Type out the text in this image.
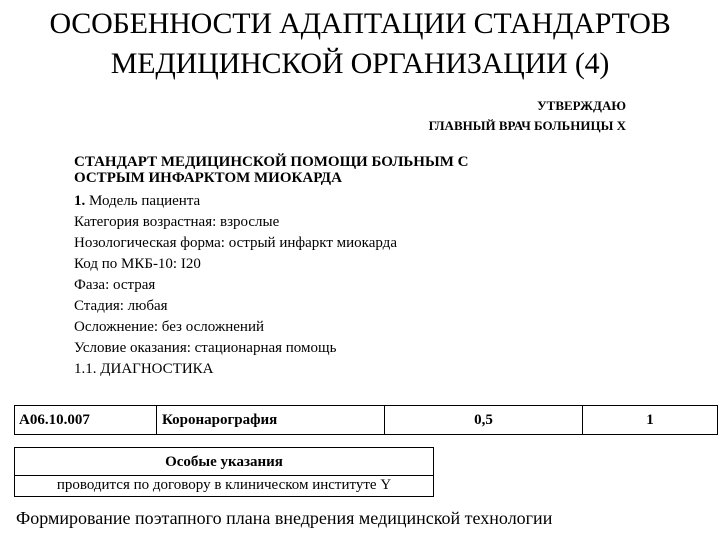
ОСОБЕННОСТИ АДАПТАЦИИ СТАНДАРТОВ
МЕДИЦИНСКОЙ ОРГАНИЗАЦИИ (4)
УТВЕРЖДАЮ
ГЛАВНЫЙ ВРАЧ БОЛЬНИЦЫ Х
СТАНДАРТ МЕДИЦИНСКОЙ ПОМОЩИ БОЛЬНЫМ С
ОСТРЫМ ИНФАРКТОМ МИОКАРДА
1. Модель пациента
Категория возрастная: взрослые
Нозологическая форма: острый инфаркт миокарда
Код по МКБ-10: I20
Фаза: острая
Стадия: любая
Осложнение: без осложнений
Условие оказания: стационарная помощь
1.1. ДИАГНОСТИКА
A06.10.007	Коронарография	0,5	1
Особые указания
проводится по договору в клиническом институте Y
Формирование поэтапного плана внедрения медицинской технологии
